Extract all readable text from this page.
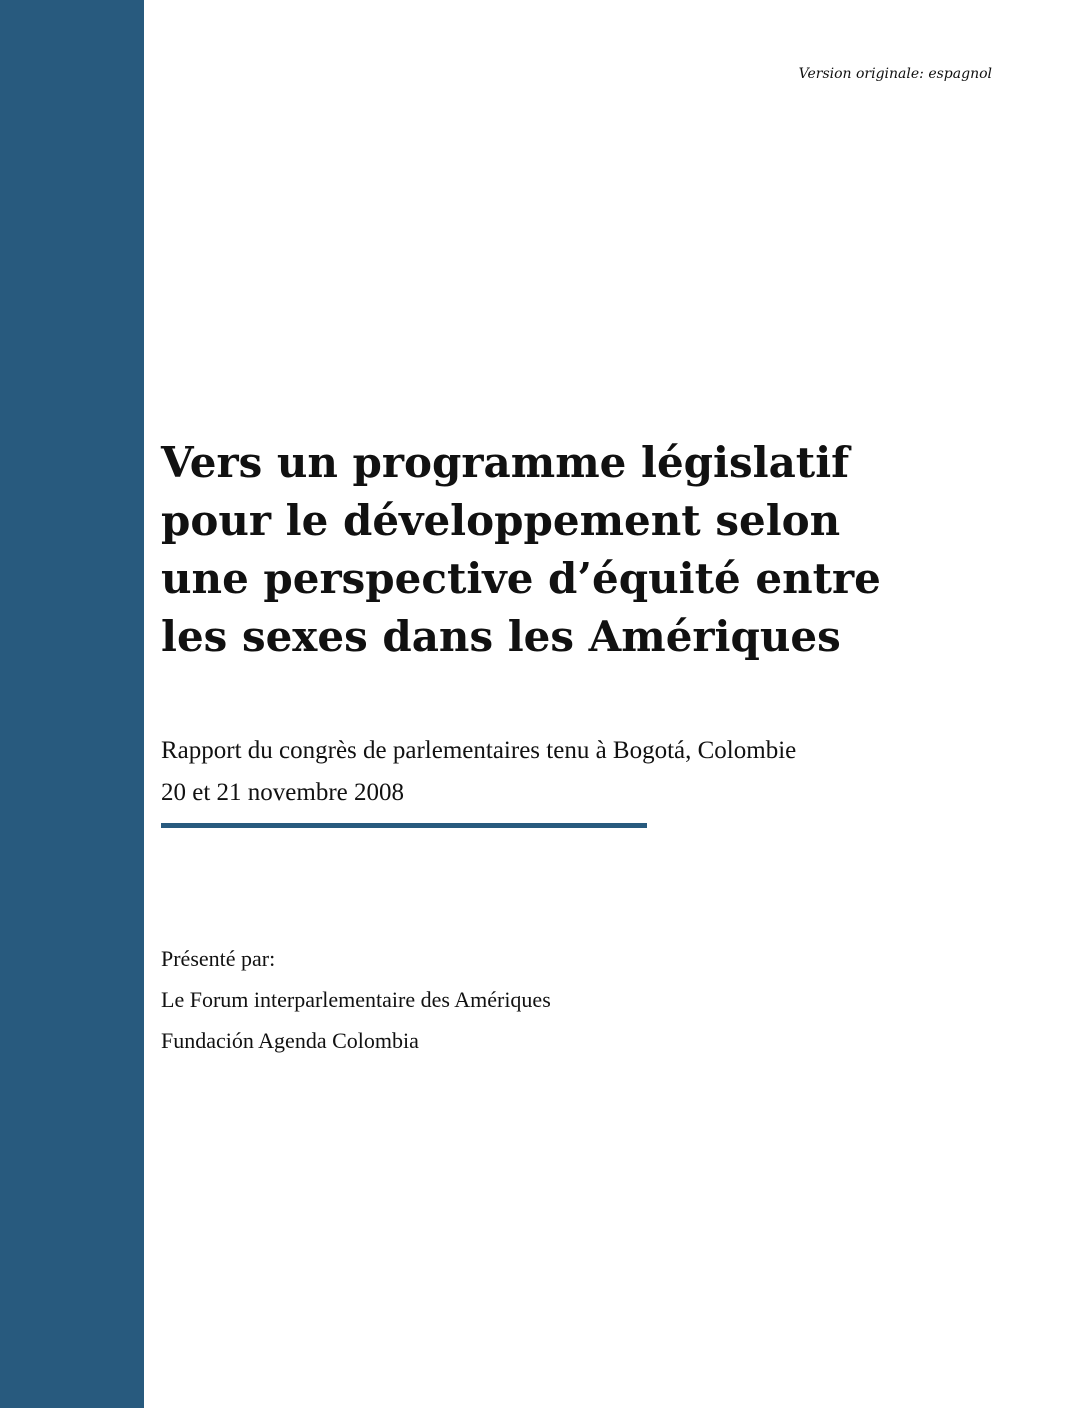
Version originale: espagnol
Vers un programme législatif
pour le développement selon
une perspective d’équité entre
les sexes dans les Amériques
Rapport du congrès de parlementaires tenu à Bogotá, Colombie
20 et 21 novembre 2008
Présenté par:
Le Forum interparlementaire des Amériques
Fundación Agenda Colombia
